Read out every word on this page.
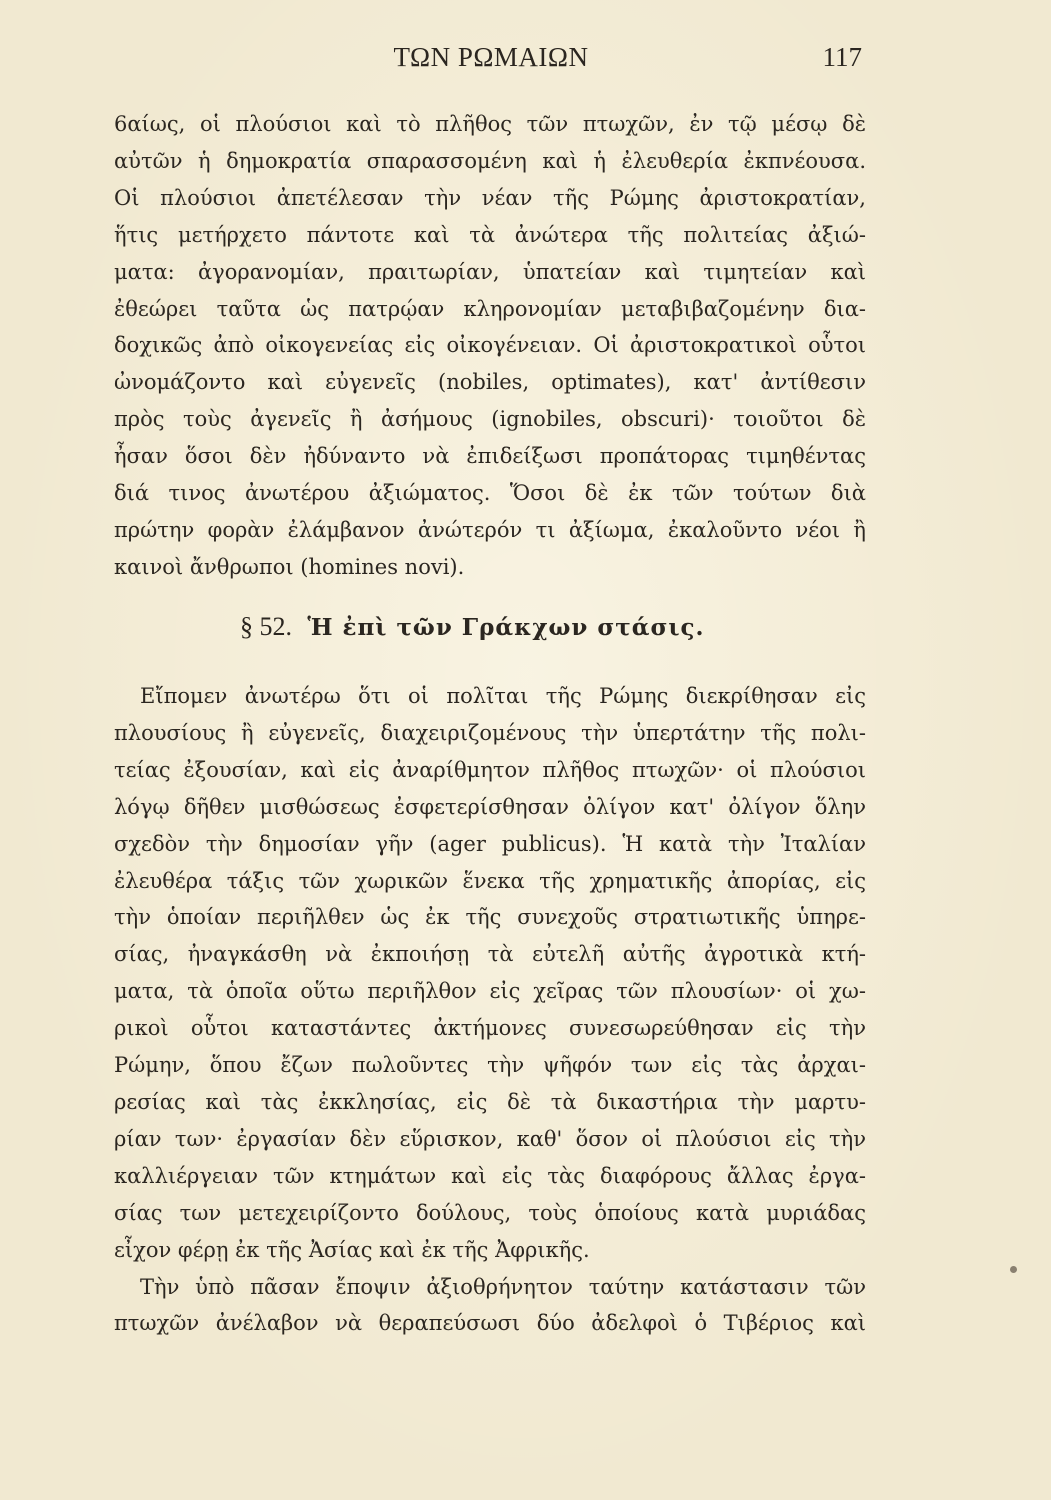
ΤΩΝ ΡΩΜΑΙΩΝ	117
6αίως, οἱ πλούσιοι καὶ τὸ πλῆθος τῶν πτωχῶν, ἐν τῷ μέσῳ δὲ
αὐτῶν ἡ δημοκρατία σπαρασσομένη καὶ ἡ ἐλευθερία ἐκπνέουσα.
Οἱ πλούσιοι ἀπετέλεσαν τὴν νέαν τῆς Ρώμης ἀριστοκρατίαν,
ἥτις μετήρχετο πάντοτε καὶ τὰ ἀνώτερα τῆς πολιτείας ἀξιώ-
ματα: ἀγορανομίαν, πραιτωρίαν, ὑπατείαν καὶ τιμητείαν καὶ
ἐθεώρει ταῦτα ὡς πατρῴαν κληρονομίαν μεταβιβαζομένην δια-
δοχικῶς ἀπὸ οἰκογενείας εἰς οἰκογένειαν. Οἱ ἀριστοκρατικοὶ οὗτοι
ὠνομάζοντο καὶ εὐγενεῖς (nobiles, optimates), κατ' ἀντίθεσιν
πρὸς τοὺς ἀγενεῖς ἢ ἀσήμους (ignobiles, obscuri)· τοιοῦτοι δὲ
ἦσαν ὅσοι δὲν ἠδύναντο νὰ ἐπιδείξωσι προπάτορας τιμηθέντας
διά τινος ἀνωτέρου ἀξιώματος. Ὅσοι δὲ ἐκ τῶν τούτων διὰ
πρώτην φορὰν ἐλάμβανον ἀνώτερόν τι ἀξίωμα, ἐκαλοῦντο νέοι ἢ
καινοὶ ἄνθρωποι (homines novi).
§ 52. Ἡ ἐπὶ τῶν Γράκχων στάσις.
Εἴπομεν ἀνωτέρω ὅτι οἱ πολῖται τῆς Ρώμης διεκρίθησαν εἰς
πλουσίους ἢ εὐγενεῖς, διαχειριζομένους τὴν ὑπερτάτην τῆς πολι-
τείας ἐξουσίαν, καὶ εἰς ἀναρίθμητον πλῆθος πτωχῶν· οἱ πλούσιοι
λόγῳ δῆθεν μισθώσεως ἐσφετερίσθησαν ὀλίγον κατ' ὀλίγον ὅλην
σχεδὸν τὴν δημοσίαν γῆν (ager publicus). Ἡ κατὰ τὴν Ἰταλίαν
ἐλευθέρα τάξις τῶν χωρικῶν ἕνεκα τῆς χρηματικῆς ἀπορίας, εἰς
τὴν ὁποίαν περιῆλθεν ὡς ἐκ τῆς συνεχοῦς στρατιωτικῆς ὑπηρε-
σίας, ἠναγκάσθη νὰ ἐκποιήσῃ τὰ εὐτελῆ αὐτῆς ἀγροτικὰ κτή-
ματα, τὰ ὁποῖα οὕτω περιῆλθον εἰς χεῖρας τῶν πλουσίων· οἱ χω-
ρικοὶ οὗτοι καταστάντες ἀκτήμονες συνεσωρεύθησαν εἰς τὴν
Ρώμην, ὅπου ἔζων πωλοῦντες τὴν ψῆφόν των εἰς τὰς ἀρχαι-
ρεσίας καὶ τὰς ἐκκλησίας, εἰς δὲ τὰ δικαστήρια τὴν μαρτυ-
ρίαν των· ἐργασίαν δὲν εὕρισκον, καθ' ὅσον οἱ πλούσιοι εἰς τὴν
καλλιέργειαν τῶν κτημάτων καὶ εἰς τὰς διαφόρους ἄλλας ἐργα-
σίας των μετεχειρίζοντο δούλους, τοὺς ὁποίους κατὰ μυριάδας
εἶχον φέρῃ ἐκ τῆς Ἀσίας καὶ ἐκ τῆς Ἀφρικῆς.
Τὴν ὑπὸ πᾶσαν ἔποψιν ἀξιοθρήνητον ταύτην κατάστασιν τῶν
πτωχῶν ἀνέλαβον νὰ θεραπεύσωσι δύο ἀδελφοὶ ὁ Τιβέριος καὶ
